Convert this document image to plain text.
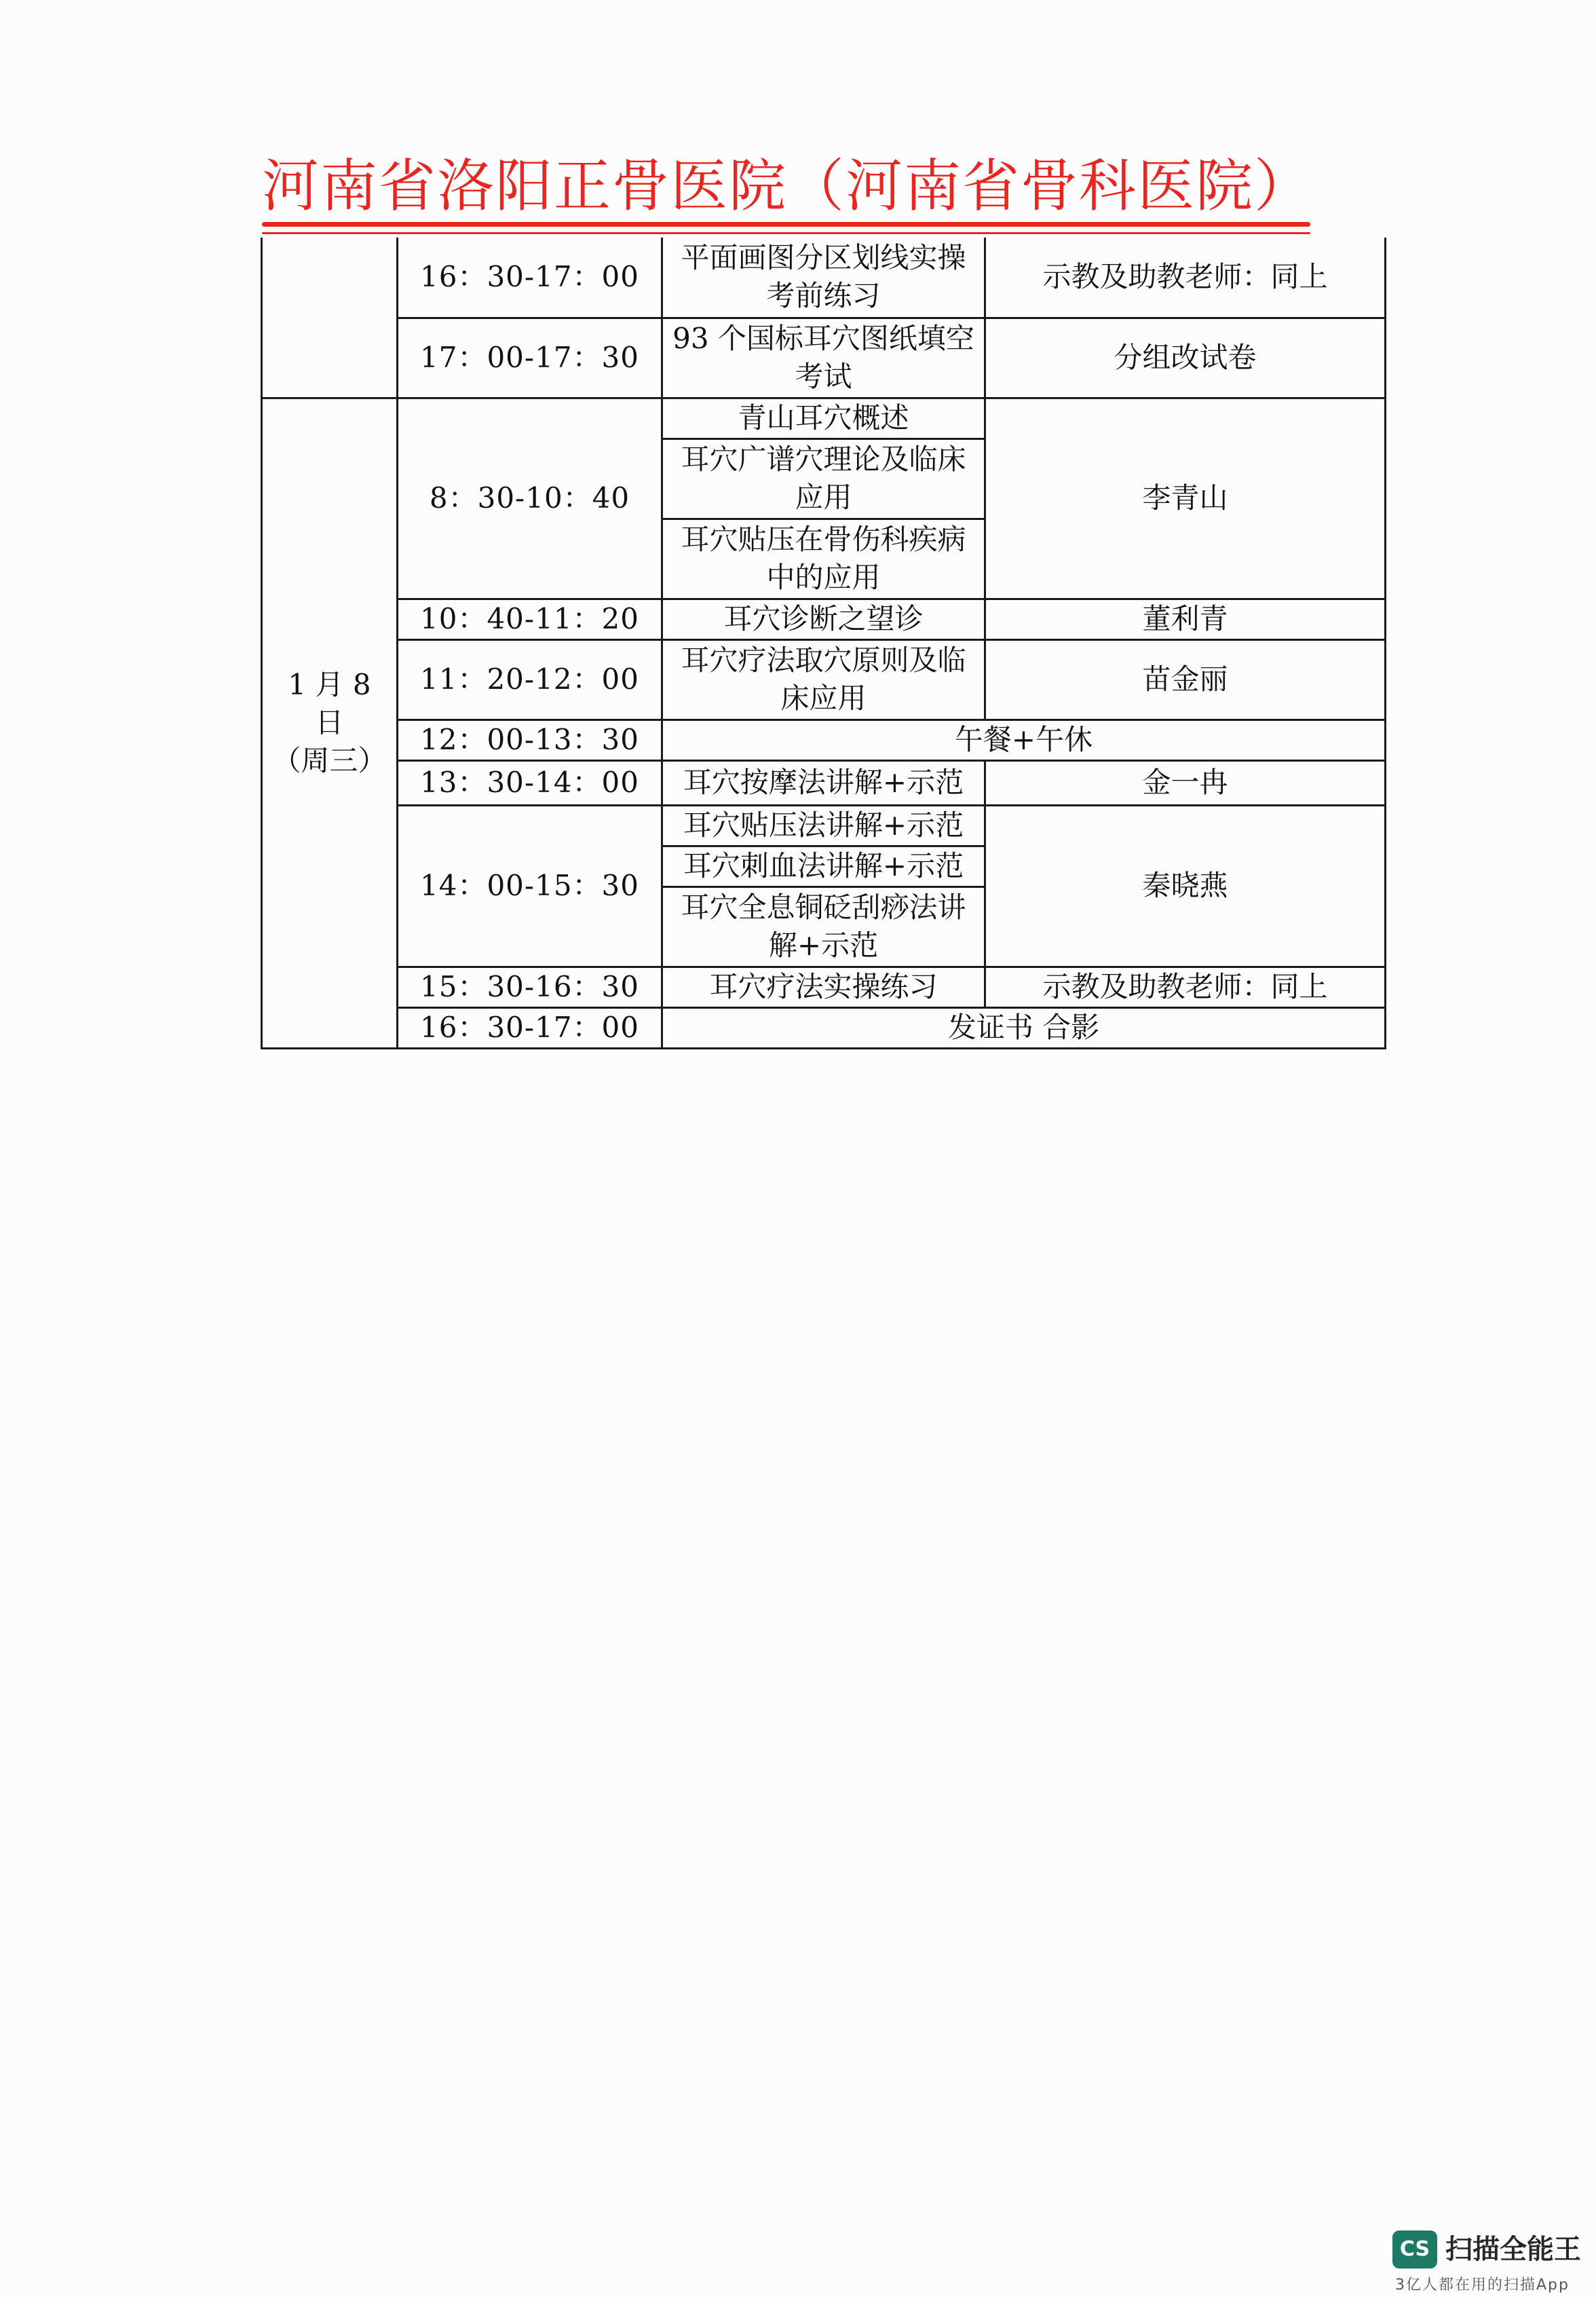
河南省洛阳正骨医院（河南省骨科医院）
	16：30-17：00	平面画图分区划线实操考前练习	示教及助教老师：同上
	17：00-17：30	93 个国标耳穴图纸填空考试	分组改试卷

1 月 8 日
（周三）	8：30-10：40	青山耳穴概述	李青山
		耳穴广谱穴理论及临床应用	
		耳穴贴压在骨伤科疾病中的应用	
	10：40-11：20	耳穴诊断之望诊	董利青
	11：20-12：00	耳穴疗法取穴原则及临床应用	苗金丽
	12：00-13：30	午餐+午休	
	13：30-14：00	耳穴按摩法讲解+示范	金一冉
	14：00-15：30	耳穴贴压法讲解+示范	秦晓燕
		耳穴刺血法讲解+示范	
		耳穴全息铜砭刮痧法讲解+示范	
	15：30-16：30	耳穴疗法实操练习	示教及助教老师：同上
	16：30-17：00	发证书 合影	
CS 扫描全能王
3亿人都在用的扫描App
